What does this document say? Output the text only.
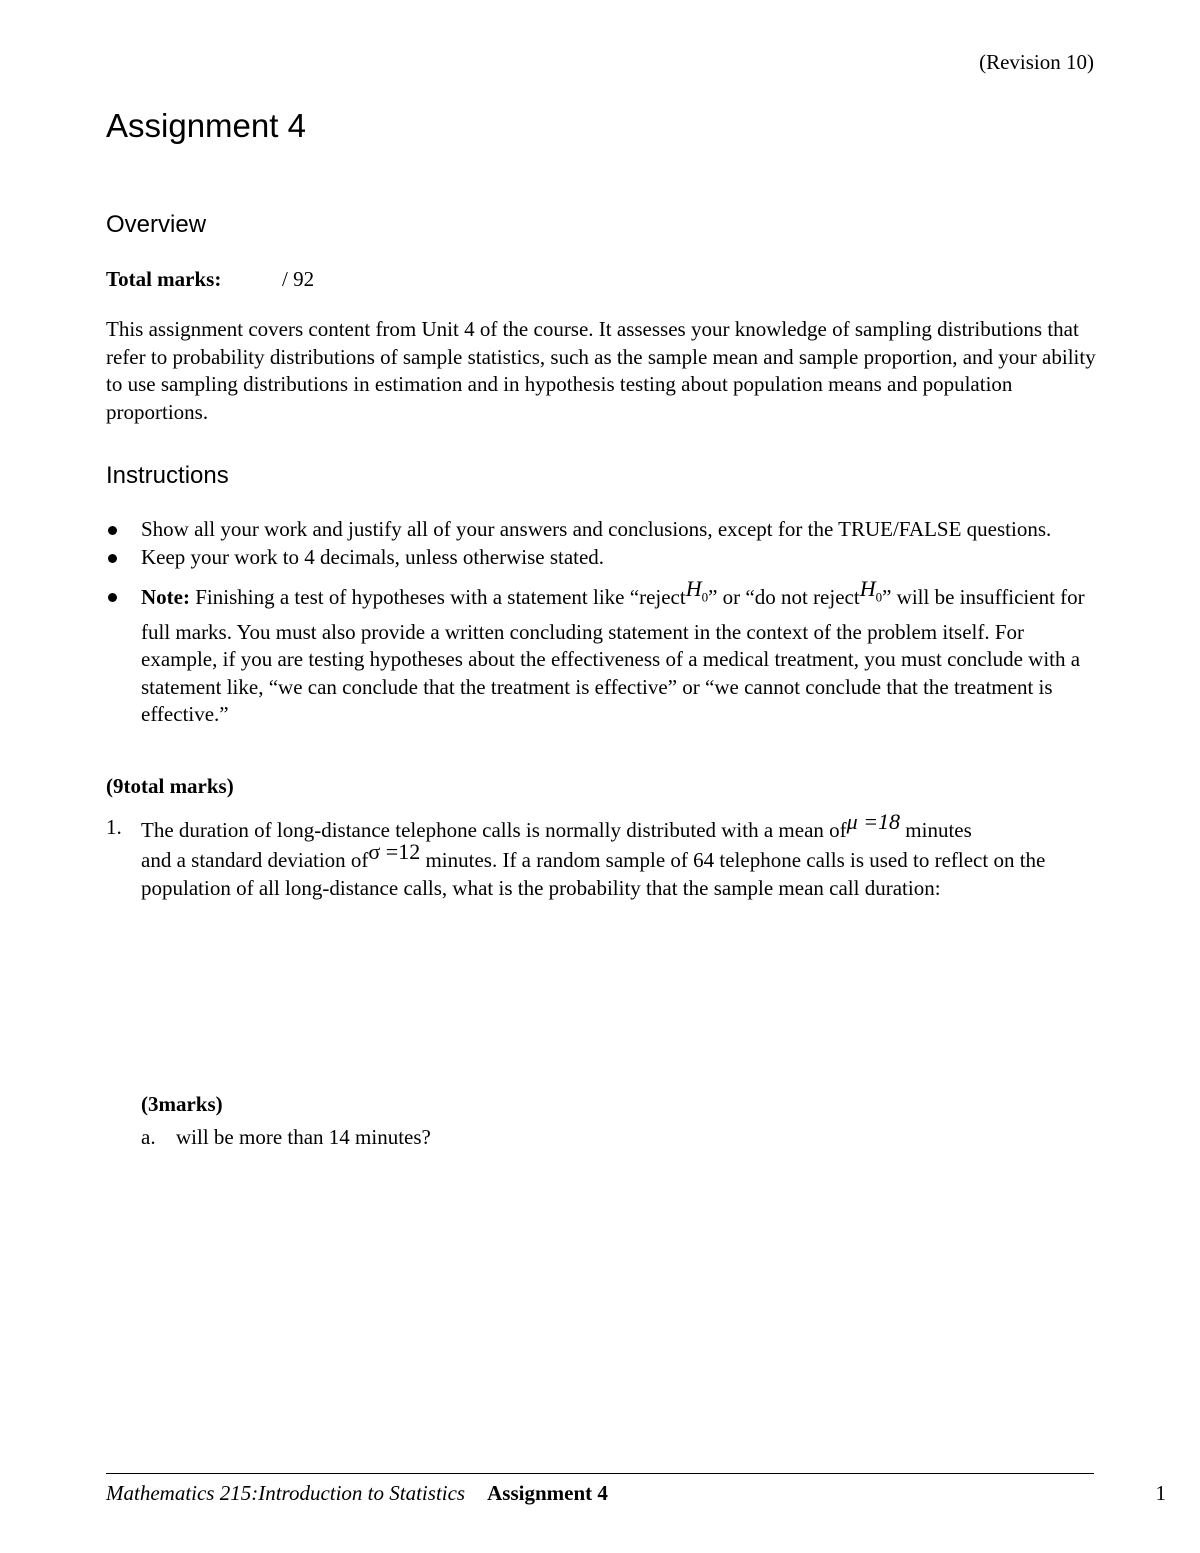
(Revision 10)
Assignment 4
Overview
Total marks:	/ 92

This assignment covers content from Unit 4 of the course. It assesses your knowledge of sampling distributions that refer to probability distributions of sample statistics, such as the sample mean and sample proportion, and your ability to use sampling distributions in estimation and in hypothesis testing about population means and population proportions.

Instructions
Show all your work and justify all of your answers and conclusions, except for the TRUE/FALSE questions.
Keep your work to 4 decimals, unless otherwise stated.
Note: Finishing a test of hypotheses with a statement like “rejectH$_0$” or “do not rejectH$_0$” will be insufficient for full marks. You must also provide a written concluding statement in the context of the problem itself. For example, if you are testing hypotheses about the effectiveness of a medical treatment, you must conclude with a statement like, “we can conclude that the treatment is effective” or “we cannot conclude that the treatment is effective.”
(9total marks)
1. The duration of long-distance telephone calls is normally distributed with a mean ofμ =18 minutes
and a standard deviation ofσ =12 minutes. If a random sample of 64 telephone calls is used to reflect on the population of all long-distance calls, what is the probability that the sample mean call duration:
(3marks)
a. will be more than 14 minutes?
Mathematics 215:Introduction to Statistics Assignment 4	1
